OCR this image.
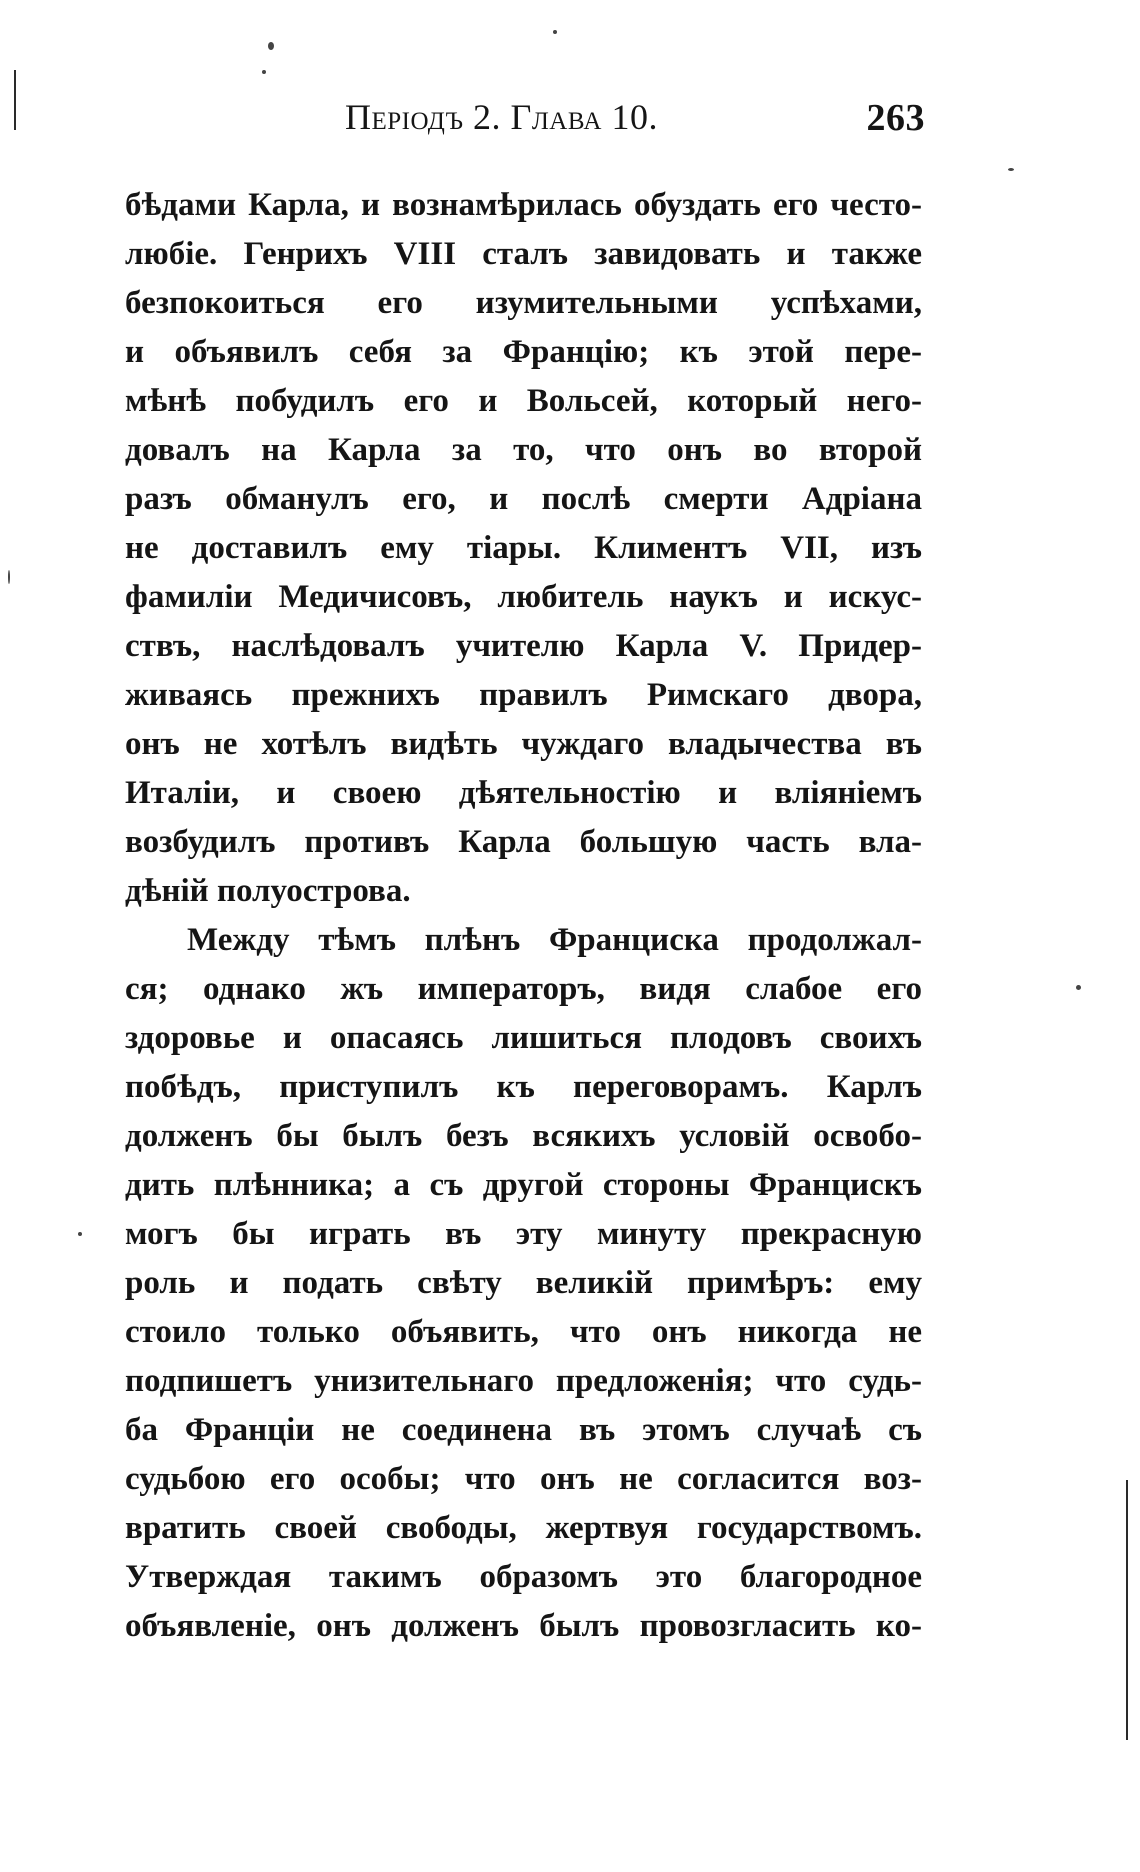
Періодъ 2. Глава 10.	263
бѣдами Карла, и вознамѣрилась обуздать его често-
любіе. Генрихъ VIII сталъ завидовать и также
безпокоиться его изумительными успѣхами,
и объявилъ себя за Францію; къ этой пере-
мѣнѣ побудилъ его и Вольсей, который него-
довалъ на Карла за то, что онъ во второй
разъ обманулъ его, и послѣ смерти Адріана
не доставилъ ему тіары. Климентъ VII, изъ
фамиліи Медичисовъ, любитель наукъ и искус-
ствъ, наслѣдовалъ учителю Карла V. Придер-
живаясь прежнихъ правилъ Римскаго двора,
онъ не хотѣлъ видѣть чуждаго владычества въ
Италіи, и своею дѣятельностію и вліяніемъ
возбудилъ противъ Карла большую часть вла-
дѣній полуострова.
Между тѣмъ плѣнъ Франциска продолжал-
ся; однако жъ императоръ, видя слабое его
здоровье и опасаясь лишиться плодовъ своихъ
побѣдъ, приступилъ къ переговорамъ. Карлъ
долженъ бы былъ безъ всякихъ условій освобо-
дить плѣнника; а съ другой стороны Францискъ
могъ бы играть въ эту минуту прекрасную
роль и подать свѣту великій примѣръ: ему
стоило только объявить, что онъ никогда не
подпишетъ унизительнаго предложенія; что судь-
ба Франціи не соединена въ этомъ случаѣ съ
судьбою его особы; что онъ не согласится воз-
вратить своей свободы, жертвуя государствомъ.
Утверждая такимъ образомъ это благородное
объявленіе, онъ долженъ былъ провозгласить ко-
